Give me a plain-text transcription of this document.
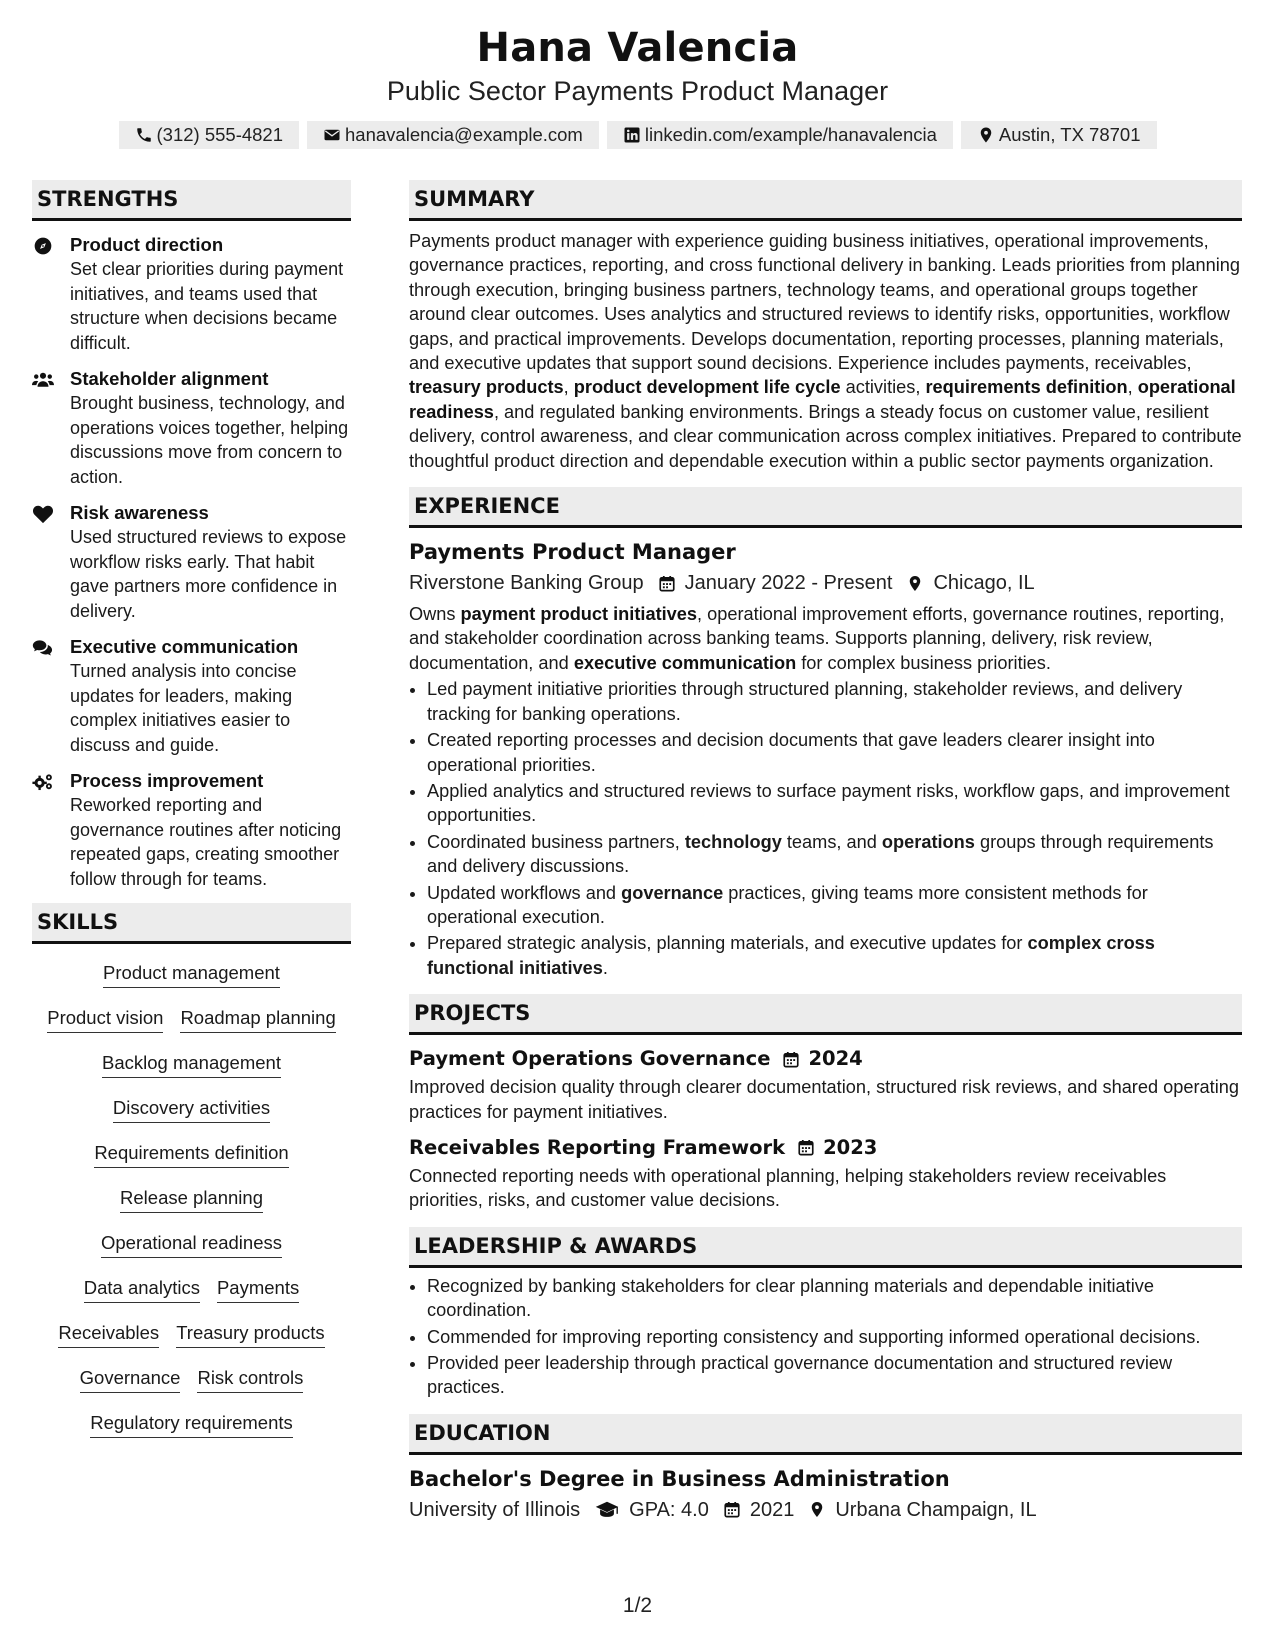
Hana Valencia
Public Sector Payments Product Manager
(312) 555-4821	hanavalencia@example.com	linkedin.com/example/hanavalencia	Austin, TX 78701
STRENGTHS
Product direction
Set clear priorities during payment initiatives, and teams used that structure when decisions became difficult.
Stakeholder alignment
Brought business, technology, and operations voices together, helping discussions move from concern to action.
Risk awareness
Used structured reviews to expose workflow risks early. That habit gave partners more confidence in delivery.
Executive communication
Turned analysis into concise updates for leaders, making complex initiatives easier to discuss and guide.
Process improvement
Reworked reporting and governance routines after noticing repeated gaps, creating smoother follow through for teams.
SKILLS
Product management
Product vision Roadmap planning
Backlog management
Discovery activities
Requirements definition
Release planning
Operational readiness
Data analytics Payments
Receivables Treasury products
Governance Risk controls
Regulatory requirements
SUMMARY

Payments product manager with experience guiding business initiatives, operational improvements, governance practices, reporting, and cross functional delivery in banking. Leads priorities from planning through execution, bringing business partners, technology teams, and operational groups together around clear outcomes. Uses analytics and structured reviews to identify risks, opportunities, workflow gaps, and practical improvements. Develops documentation, reporting processes, planning materials, and executive updates that support sound decisions. Experience includes payments, receivables, treasury products, product development life cycle activities, requirements definition, operational readiness, and regulated banking environments. Brings a steady focus on customer value, resilient delivery, control awareness, and clear communication across complex initiatives. Prepared to contribute thoughtful product direction and dependable execution within a public sector payments organization.

EXPERIENCE
Payments Product Manager
Riverstone Banking Group January 2022 - Present Chicago, IL

Owns payment product initiatives, operational improvement efforts, governance routines, reporting, and stakeholder coordination across banking teams. Supports planning, delivery, risk review, documentation, and executive communication for complex business priorities.

• Led payment initiative priorities through structured planning, stakeholder reviews, and delivery tracking for banking operations.
• Created reporting processes and decision documents that gave leaders clearer insight into operational priorities.
• Applied analytics and structured reviews to surface payment risks, workflow gaps, and improvement opportunities.
• Coordinated business partners, technology teams, and operations groups through requirements and delivery discussions.
• Updated workflows and governance practices, giving teams more consistent methods for operational execution.
• Prepared strategic analysis, planning materials, and executive updates for complex cross functional initiatives.
PROJECTS
Payment Operations Governance 2024

Improved decision quality through clearer documentation, structured risk reviews, and shared operating practices for payment initiatives.

Receivables Reporting Framework 2023

Connected reporting needs with operational planning, helping stakeholders review receivables priorities, risks, and customer value decisions.

LEADERSHIP & AWARDS
• Recognized by banking stakeholders for clear planning materials and dependable initiative coordination.
• Commended for improving reporting consistency and supporting informed operational decisions.
• Provided peer leadership through practical governance documentation and structured review practices.
EDUCATION
Bachelor's Degree in Business Administration
University of Illinois GPA: 4.0 2021 Urbana Champaign, IL
1/2
